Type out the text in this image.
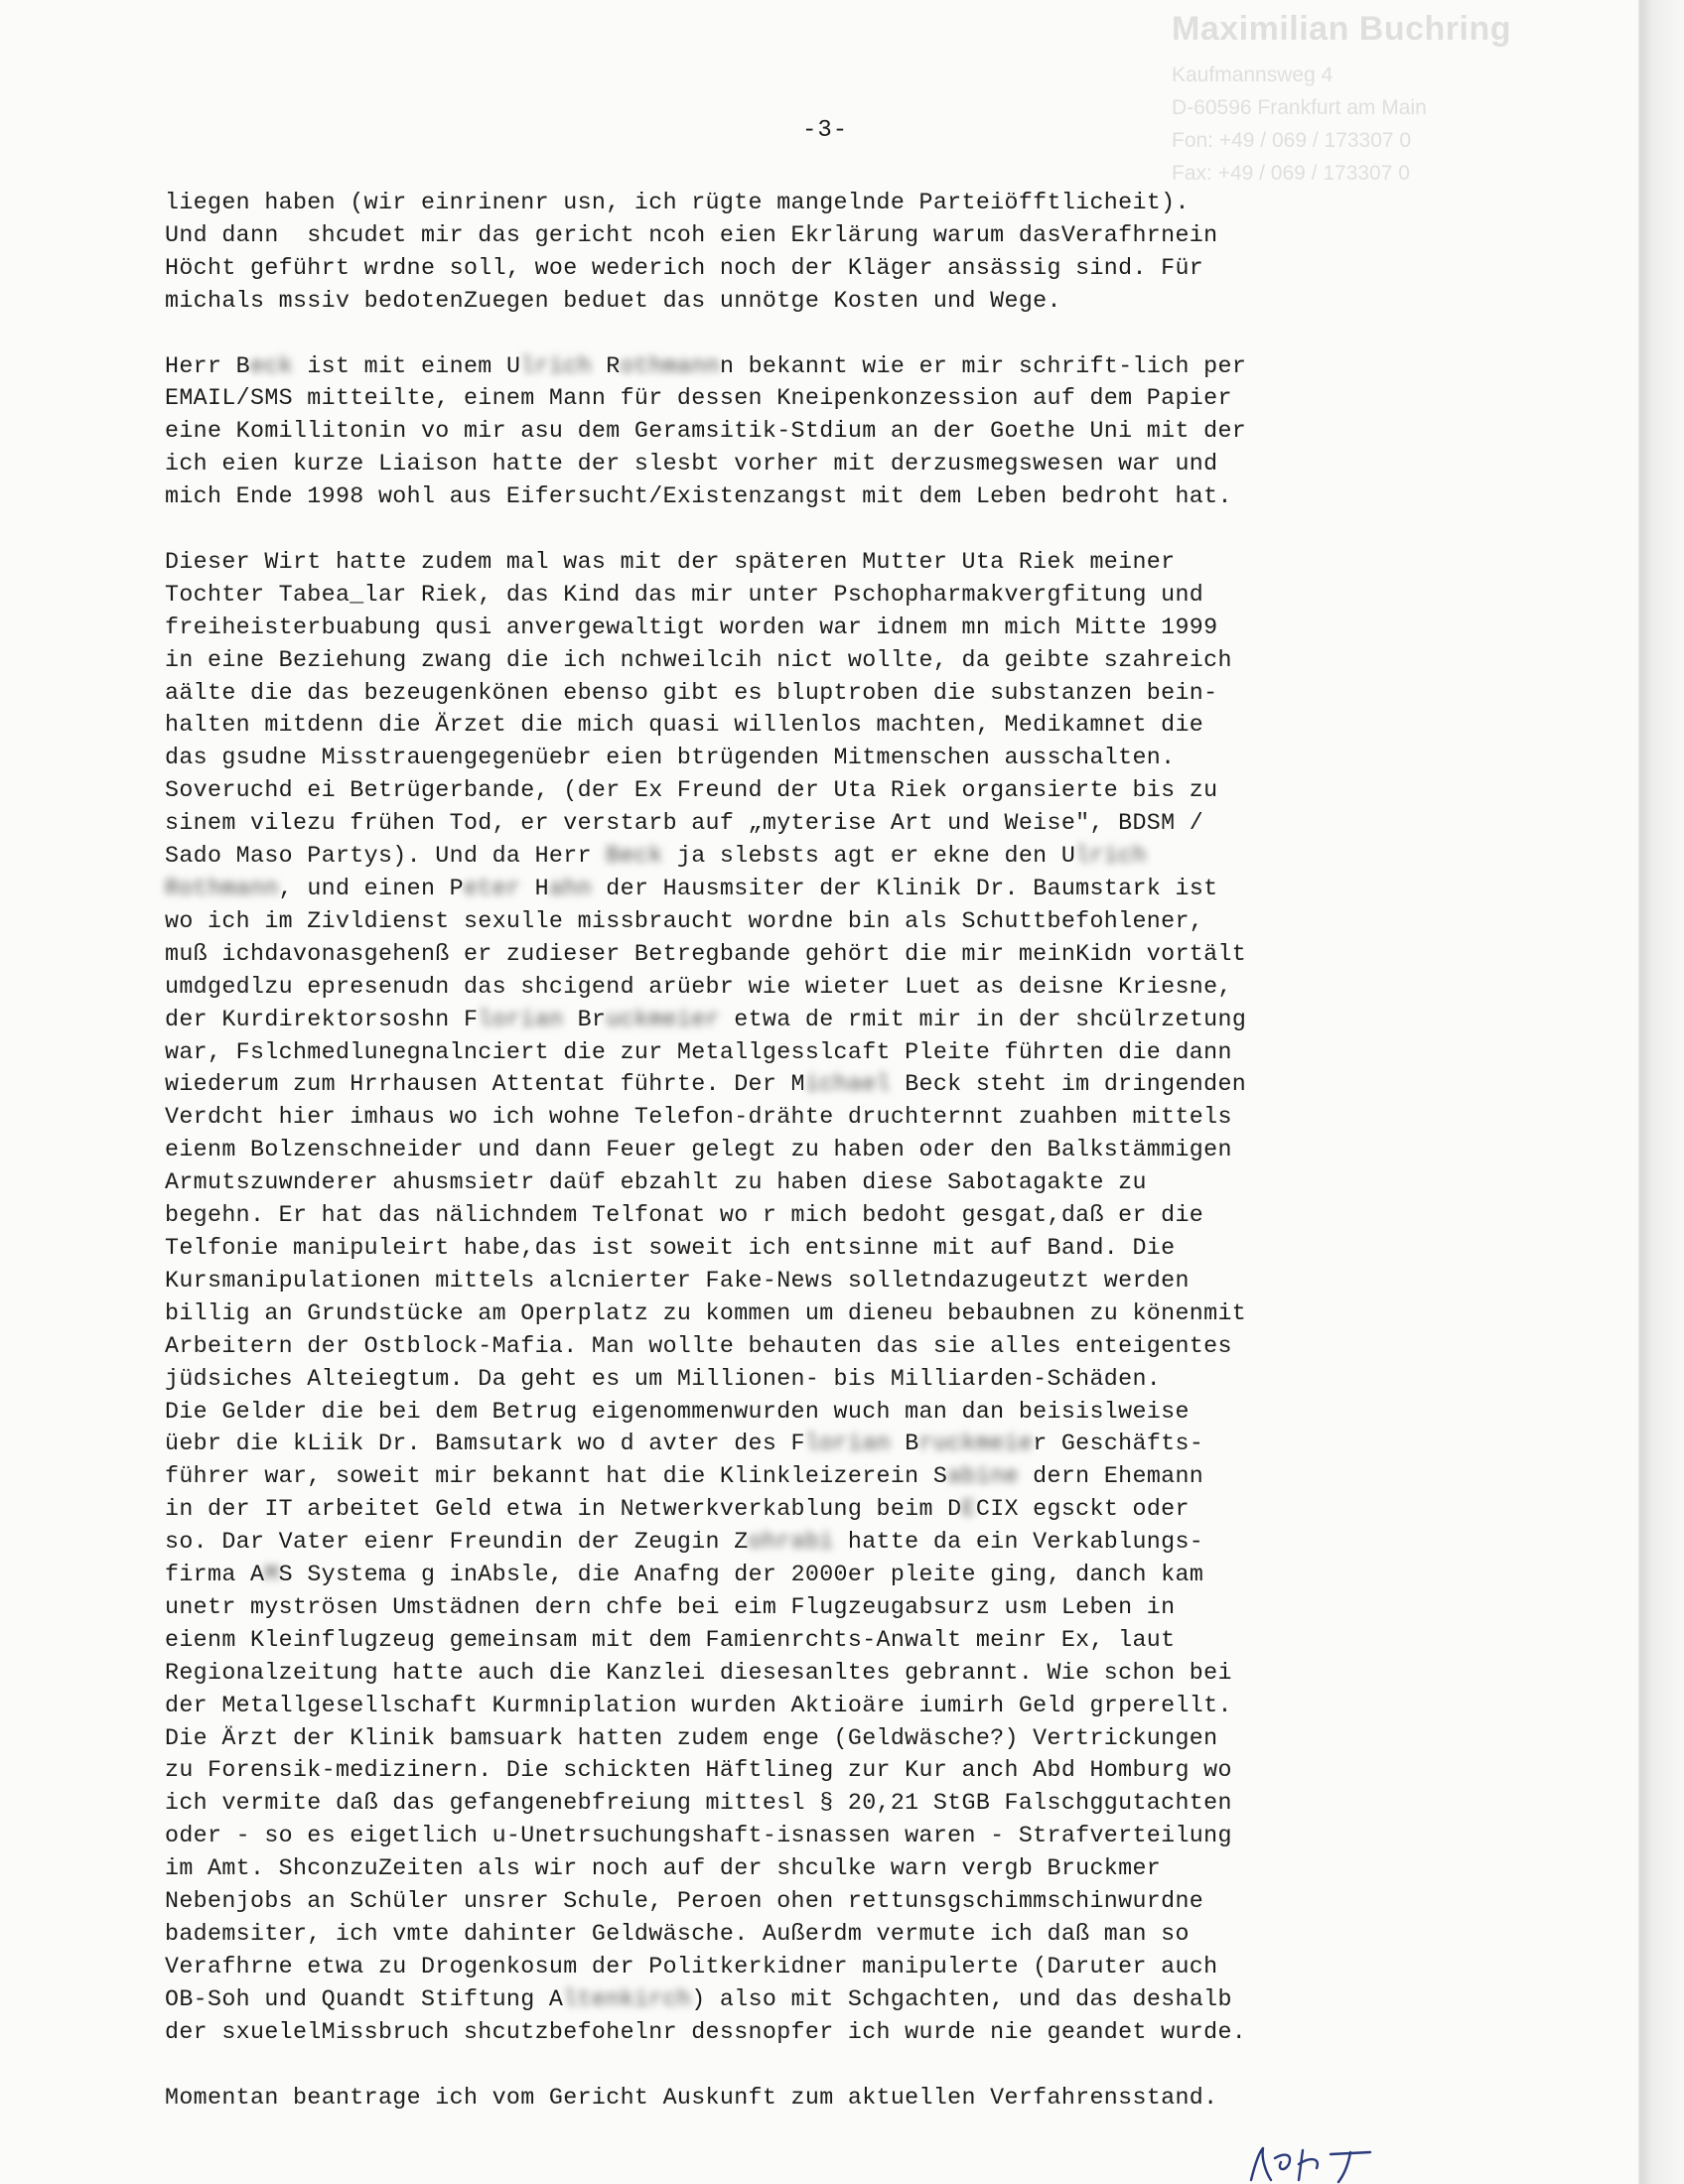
Maximilian Buchring
Kaufmannsweg 4
D-60596 Frankfurt am Main
Fon: +49 / 069 / 173307 0
Fax: +49 / 069 / 173307 0
-3-
liegen haben (wir einrinenr usn, ich rügte mangelnde Parteiöfftlicheit).
Und dann  shcudet mir das gericht ncoh eien Ekrlärung warum dasVerafhrnein
Höcht geführt wrdne soll, woe wederich noch der Kläger ansässig sind. Für
michals mssiv bedotenZuegen beduet das unnötge Kosten und Wege.
Herr Beck ist mit einem Ulrich Rothmannn bekannt wie er mir schrift-lich per
EMAIL/SMS mitteilte, einem Mann für dessen Kneipenkonzession auf dem Papier
eine Komillitonin vo mir asu dem Geramsitik-Stdium an der Goethe Uni mit der
ich eien kurze Liaison hatte der slesbt vorher mit derzusmegswesen war und
mich Ende 1998 wohl aus Eifersucht/Existenzangst mit dem Leben bedroht hat.
Dieser Wirt hatte zudem mal was mit der späteren Mutter Uta Riek meiner
Tochter Tabea_lar Riek, das Kind das mir unter Pschopharmakvergfitung und
freiheisterbuabung qusi anvergewaltigt worden war idnem mn mich Mitte 1999
in eine Beziehung zwang die ich nchweilcih nict wollte, da geibte szahreich
aälte die das bezeugenkönen ebenso gibt es bluptroben die substanzen bein-
halten mitdenn die Ärzet die mich quasi willenlos machten, Medikamnet die
das gsudne Misstrauengegenüebr eien btrügenden Mitmenschen ausschalten.
Soveruchd ei Betrügerbande, (der Ex Freund der Uta Riek organsierte bis zu
sinem vilezu frühen Tod, er verstarb auf „myterise Art und Weise", BDSM /
Sado Maso Partys). Und da Herr Beck ja slebsts agt er ekne den Ulrich
Rothmann, und einen Peter Hahn der Hausmsiter der Klinik Dr. Baumstark ist
wo ich im Zivldienst sexulle missbraucht wordne bin als Schuttbefohlener,
muß ichdavonasgehenß er zudieser Betregbande gehört die mir meinKidn vortält
umdgedlzu epresenudn das shcigend arüebr wie wieter Luet as deisne Kriesne,
der Kurdirektorsoshn Florian Bruckmeier etwa de rmit mir in der shcülrzetung
war, Fslchmedlunegnalnciert die zur Metallgesslcaft Pleite führten die dann
wiederum zum Hrrhausen Attentat führte. Der Michael Beck steht im dringenden
Verdcht hier imhaus wo ich wohne Telefon-drähte druchternnt zuahben mittels
eienm Bolzenschneider und dann Feuer gelegt zu haben oder den Balkstämmigen
Armutszuwnderer ahusmsietr daüf ebzahlt zu haben diese Sabotagakte zu
begehn. Er hat das nälichndem Telfonat wo r mich bedoht gesgat,daß er die
Telfonie manipuleirt habe,das ist soweit ich entsinne mit auf Band. Die
Kursmanipulationen mittels alcnierter Fake-News solletndazugeutzt werden
billig an Grundstücke am Operplatz zu kommen um dieneu bebaubnen zu könenmit
Arbeitern der Ostblock-Mafia. Man wollte behauten das sie alles enteigentes
jüdsiches Alteiegtum. Da geht es um Millionen- bis Milliarden-Schäden.
Die Gelder die bei dem Betrug eigenommenwurden wuch man dan beisislweise
üebr die kLiik Dr. Bamsutark wo d avter des Florian Bruckmeier Geschäfts-
führer war, soweit mir bekannt hat die Klinkleizerein Sabine dern Ehemann
in der IT arbeitet Geld etwa in Netwerkverkablung beim DECIX egsckt oder
so. Dar Vater eienr Freundin der Zeugin Zohrabi hatte da ein Verkablungs-
firma AMS Systema g inAbsle, die Anafng der 2000er pleite ging, danch kam
unetr myströsen Umstädnen dern chfe bei eim Flugzeugabsurz usm Leben in
eienm Kleinflugzeug gemeinsam mit dem Famienrchts-Anwalt meinr Ex, laut
Regionalzeitung hatte auch die Kanzlei diesesanltes gebrannt. Wie schon bei
der Metallgesellschaft Kurmniplation wurden Aktioäre iumirh Geld grperellt.
Die Ärzt der Klinik bamsuark hatten zudem enge (Geldwäsche?) Vertrickungen
zu Forensik-medizinern. Die schickten Häftlineg zur Kur anch Abd Homburg wo
ich vermite daß das gefangenebfreiung mittesl § 20,21 StGB Falschggutachten
oder - so es eigetlich u-Unetrsuchungshaft-isnassen waren - Strafverteilung
im Amt. ShconzuZeiten als wir noch auf der shculke warn vergb Bruckmer
Nebenjobs an Schüler unsrer Schule, Peroen ohen rettunsgschimmschinwurdne
bademsiter, ich vmte dahinter Geldwäsche. Außerdm vermute ich daß man so
Verafhrne etwa zu Drogenkosum der Politkerkidner manipulerte (Daruter auch
OB-Soh und Quandt Stiftung Altenkirch) also mit Schgachten, und das deshalb
der sxuelelMissbruch shcutzbefohelnr dessnopfer ich wurde nie geandet wurde.
Momentan beantrage ich vom Gericht Auskunft zum aktuellen Verfahrensstand.
